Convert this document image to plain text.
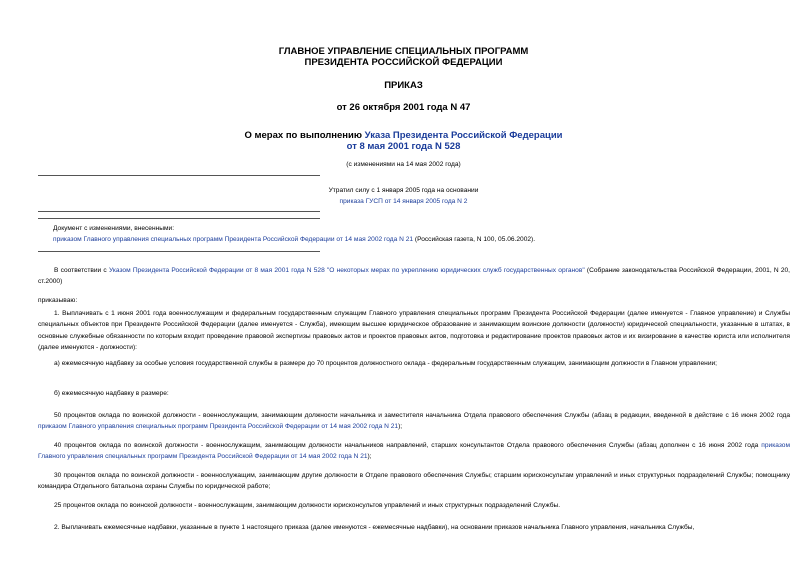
ГЛАВНОЕ УПРАВЛЕНИЕ СПЕЦИАЛЬНЫХ ПРОГРАММ
ПРЕЗИДЕНТА РОССИЙСКОЙ ФЕДЕРАЦИИ
ПРИКАЗ
от 26 октября 2001 года N 47
О мерах по выполнению Указа Президента Российской Федерации
от 8 мая 2001 года N 528
(с изменениями на 14 мая 2002 года)
Утратил силу с 1 января 2005 года на основании
приказа ГУСП от 14 января 2005 года N 2
Документ с изменениями, внесенными:
приказом Главного управления специальных программ Президента Российской Федерации от 14 мая 2002 года N 21 (Российская газета, N 100, 05.06.2002).
В соответствии с Указом Президента Российской Федерации от 8 мая 2001 года N 528 "О некоторых мерах по укреплению юридических служб государственных органов" (Собрание законодательства Российской Федерации, 2001, N 20, ст.2000)
приказываю:
1. Выплачивать с 1 июня 2001 года военнослужащим и федеральным государственным служащим Главного управления специальных программ Президента Российской Федерации (далее именуется - Главное управление) и Службы специальных объектов при Президенте Российской Федерации (далее именуется - Служба), имеющим высшее юридическое образование и занимающим воинские должности (должности) юридической специальности, указанные в штатах, в основные служебные обязанности по которым входит проведение правовой экспертизы правовых актов и проектов правовых актов, подготовка и редактирование проектов правовых актов и их визирование в качестве юриста или исполнителя (далее именуются - должности):
а) ежемесячную надбавку за особые условия государственной службы в размере до 70 процентов должностного оклада - федеральным государственным служащим, занимающим должности в Главном управлении;
б) ежемесячную надбавку в размере:
50 процентов оклада по воинской должности - военнослужащим, занимающим должности начальника и заместителя начальника Отдела правового обеспечения Службы (абзац в редакции, введенной в действие с 16 июня 2002 года приказом Главного управления специальных программ Президента Российской Федерации от 14 мая 2002 года N 21);
40 процентов оклада по воинской должности - военнослужащим, занимающим должности начальников направлений, старших консультантов Отдела правового обеспечения Службы (абзац дополнен с 16 июня 2002 года приказом Главного управления специальных программ Президента Российской Федерации от 14 мая 2002 года N 21);
30 процентов оклада по воинской должности - военнослужащим, занимающим другие должности в Отделе правового обеспечения Службы; старшим юрисконсультам управлений и иных структурных подразделений Службы; помощнику командира Отдельного батальона охраны Службы по юридической работе;
25 процентов оклада по воинской должности - военнослужащим, занимающим должности юрисконсультов управлений и иных структурных подразделений Службы.
2. Выплачивать ежемесячные надбавки, указанные в пункте 1 настоящего приказа (далее именуются - ежемесячные надбавки), на основании приказов начальника Главного управления, начальника Службы,
